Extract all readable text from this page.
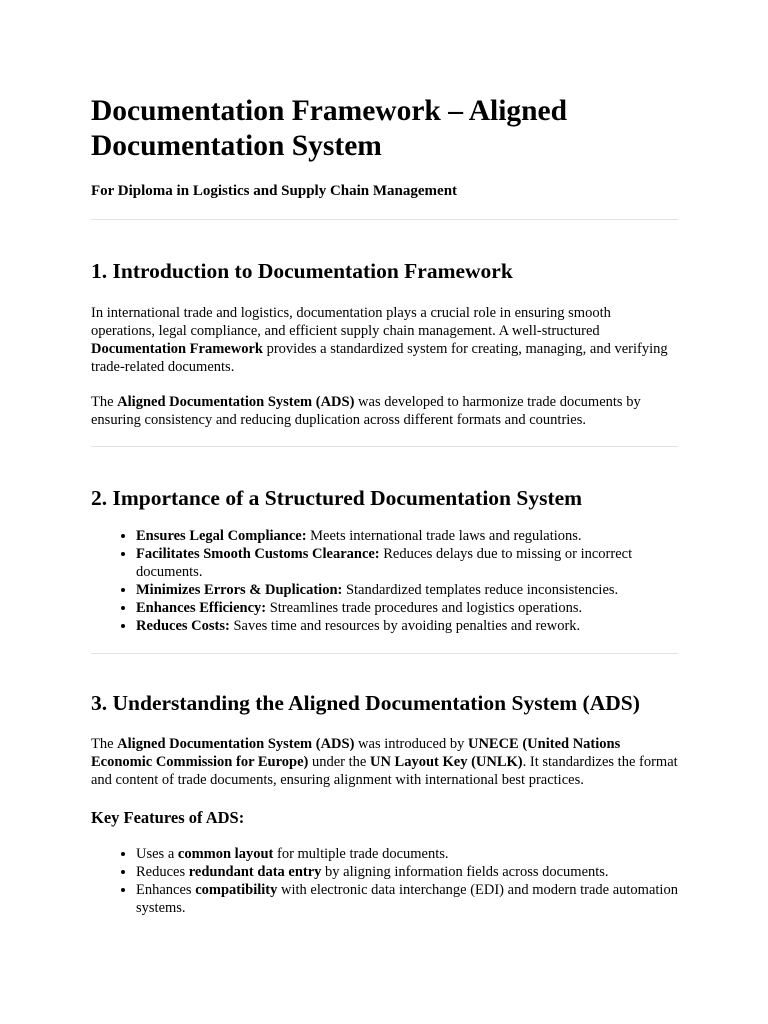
Documentation Framework – Aligned Documentation System
For Diploma in Logistics and Supply Chain Management
1. Introduction to Documentation Framework

In international trade and logistics, documentation plays a crucial role in ensuring smooth operations, legal compliance, and efficient supply chain management. A well-structured Documentation Framework provides a standardized system for creating, managing, and verifying trade-related documents.

The Aligned Documentation System (ADS) was developed to harmonize trade documents by ensuring consistency and reducing duplication across different formats and countries.

2. Importance of a Structured Documentation System
• Ensures Legal Compliance: Meets international trade laws and regulations.
• Facilitates Smooth Customs Clearance: Reduces delays due to missing or incorrect documents.
• Minimizes Errors & Duplication: Standardized templates reduce inconsistencies.
• Enhances Efficiency: Streamlines trade procedures and logistics operations.
• Reduces Costs: Saves time and resources by avoiding penalties and rework.
3. Understanding the Aligned Documentation System (ADS)

The Aligned Documentation System (ADS) was introduced by UNECE (United Nations Economic Commission for Europe) under the UN Layout Key (UNLK). It standardizes the format and content of trade documents, ensuring alignment with international best practices.

Key Features of ADS:
• Uses a common layout for multiple trade documents.
• Reduces redundant data entry by aligning information fields across documents.
• Enhances compatibility with electronic data interchange (EDI) and modern trade automation systems.
